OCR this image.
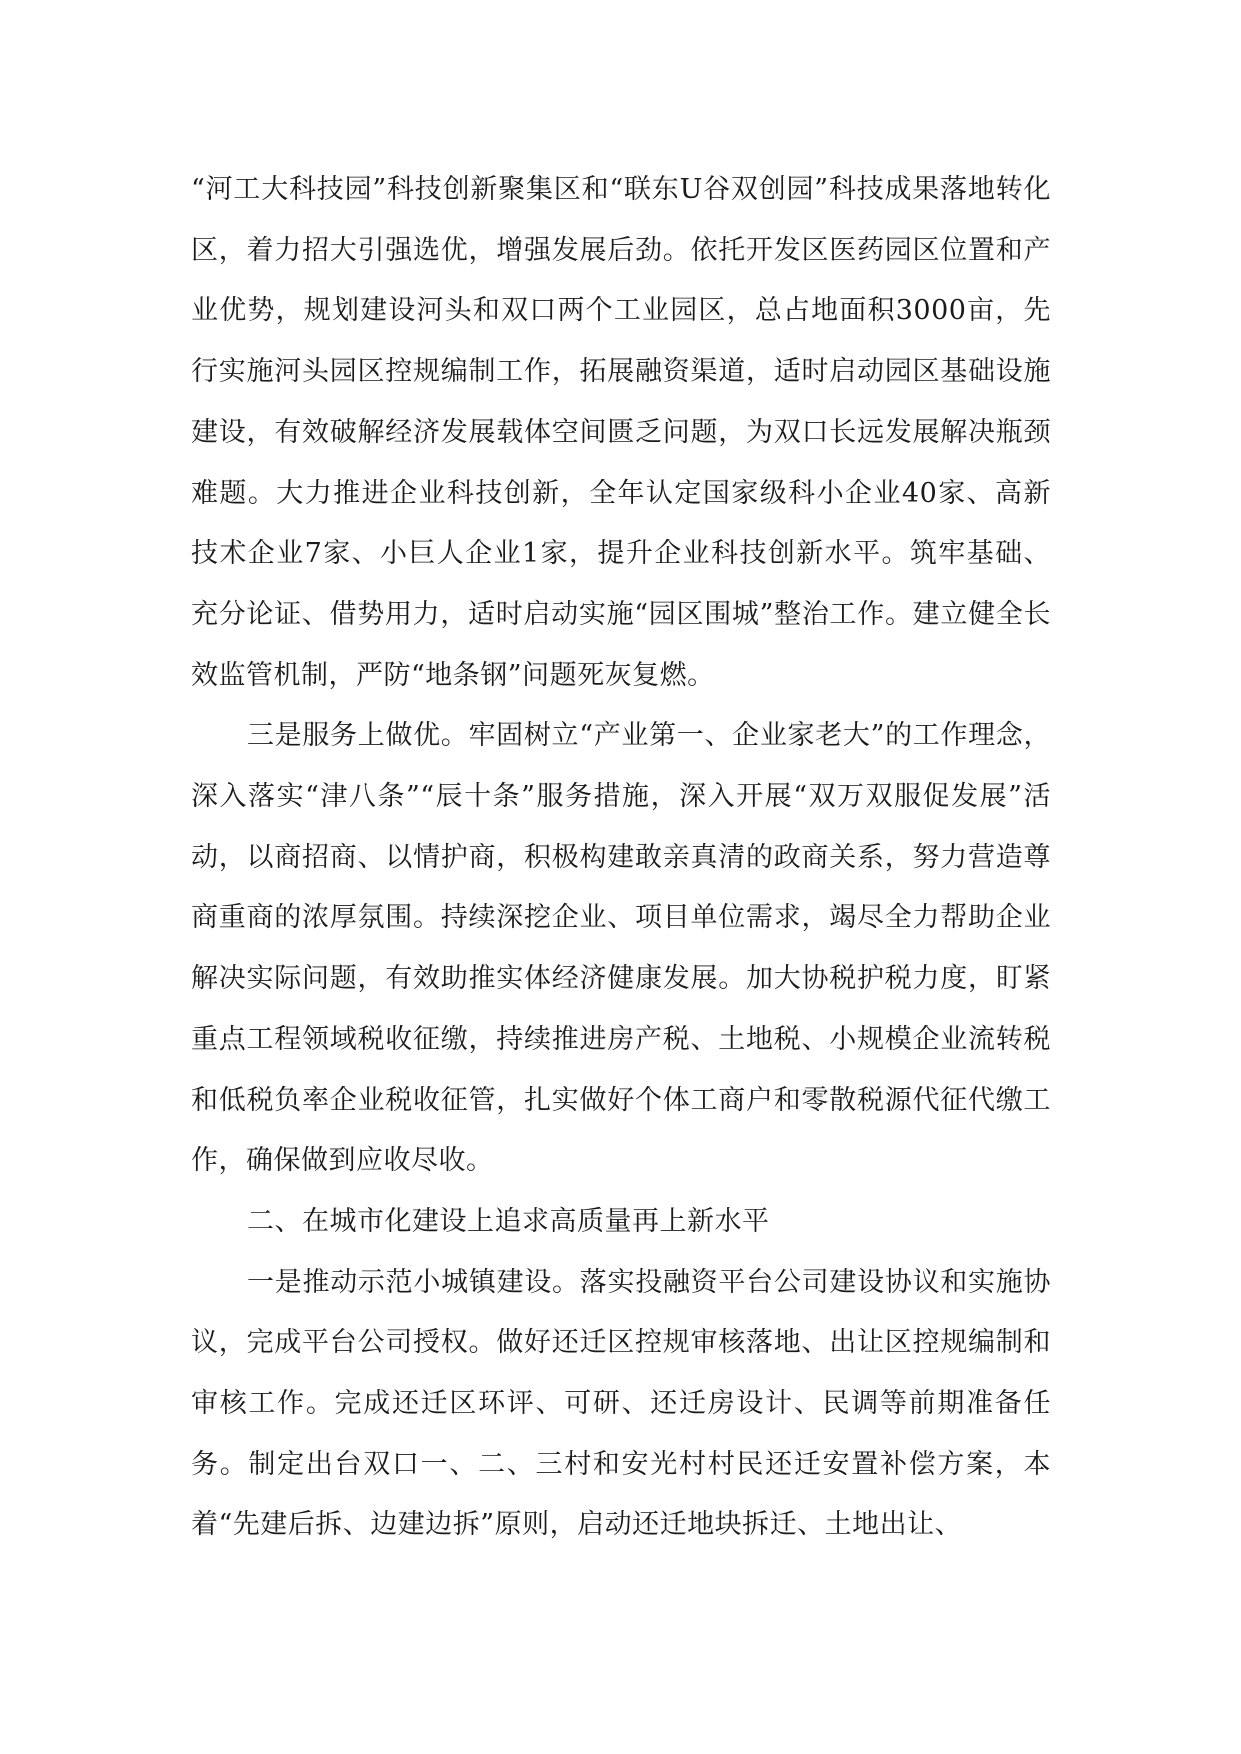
“河工大科技园”科技创新聚集区和“联东U谷双创园”科技成果落地转化区，着力招大引强选优，增强发展后劲。依托开发区医药园区位置和产业优势，规划建设河头和双口两个工业园区，总占地面积3000亩，先行实施河头园区控规编制工作，拓展融资渠道，适时启动园区基础设施建设，有效破解经济发展载体空间匮乏问题，为双口长远发展解决瓶颈难题。大力推进企业科技创新，全年认定国家级科小企业40家、高新技术企业7家、小巨人企业1家，提升企业科技创新水平。筑牢基础、充分论证、借势用力，适时启动实施“园区围城”整治工作。建立健全长效监管机制，严防“地条钢”问题死灰复燃。

三是服务上做优。牢固树立“产业第一、企业家老大”的工作理念，深入落实“津八条”“辰十条”服务措施，深入开展“双万双服促发展”活动，以商招商、以情护商，积极构建敢亲真清的政商关系，努力营造尊商重商的浓厚氛围。持续深挖企业、项目单位需求，竭尽全力帮助企业解决实际问题，有效助推实体经济健康发展。加大协税护税力度，盯紧重点工程领域税收征缴，持续推进房产税、土地税、小规模企业流转税和低税负率企业税收征管，扎实做好个体工商户和零散税源代征代缴工作，确保做到应收尽收。

二、在城市化建设上追求高质量再上新水平

一是推动示范小城镇建设。落实投融资平台公司建设协议和实施协议，完成平台公司授权。做好还迁区控规审核落地、出让区控规编制和审核工作。完成还迁区环评、可研、还迁房设计、民调等前期准备任务。制定出台双口一、二、三村和安光村村民还迁安置补偿方案，本着“先建后拆、边建边拆”原则，启动还迁地块拆迁、土地出让、
